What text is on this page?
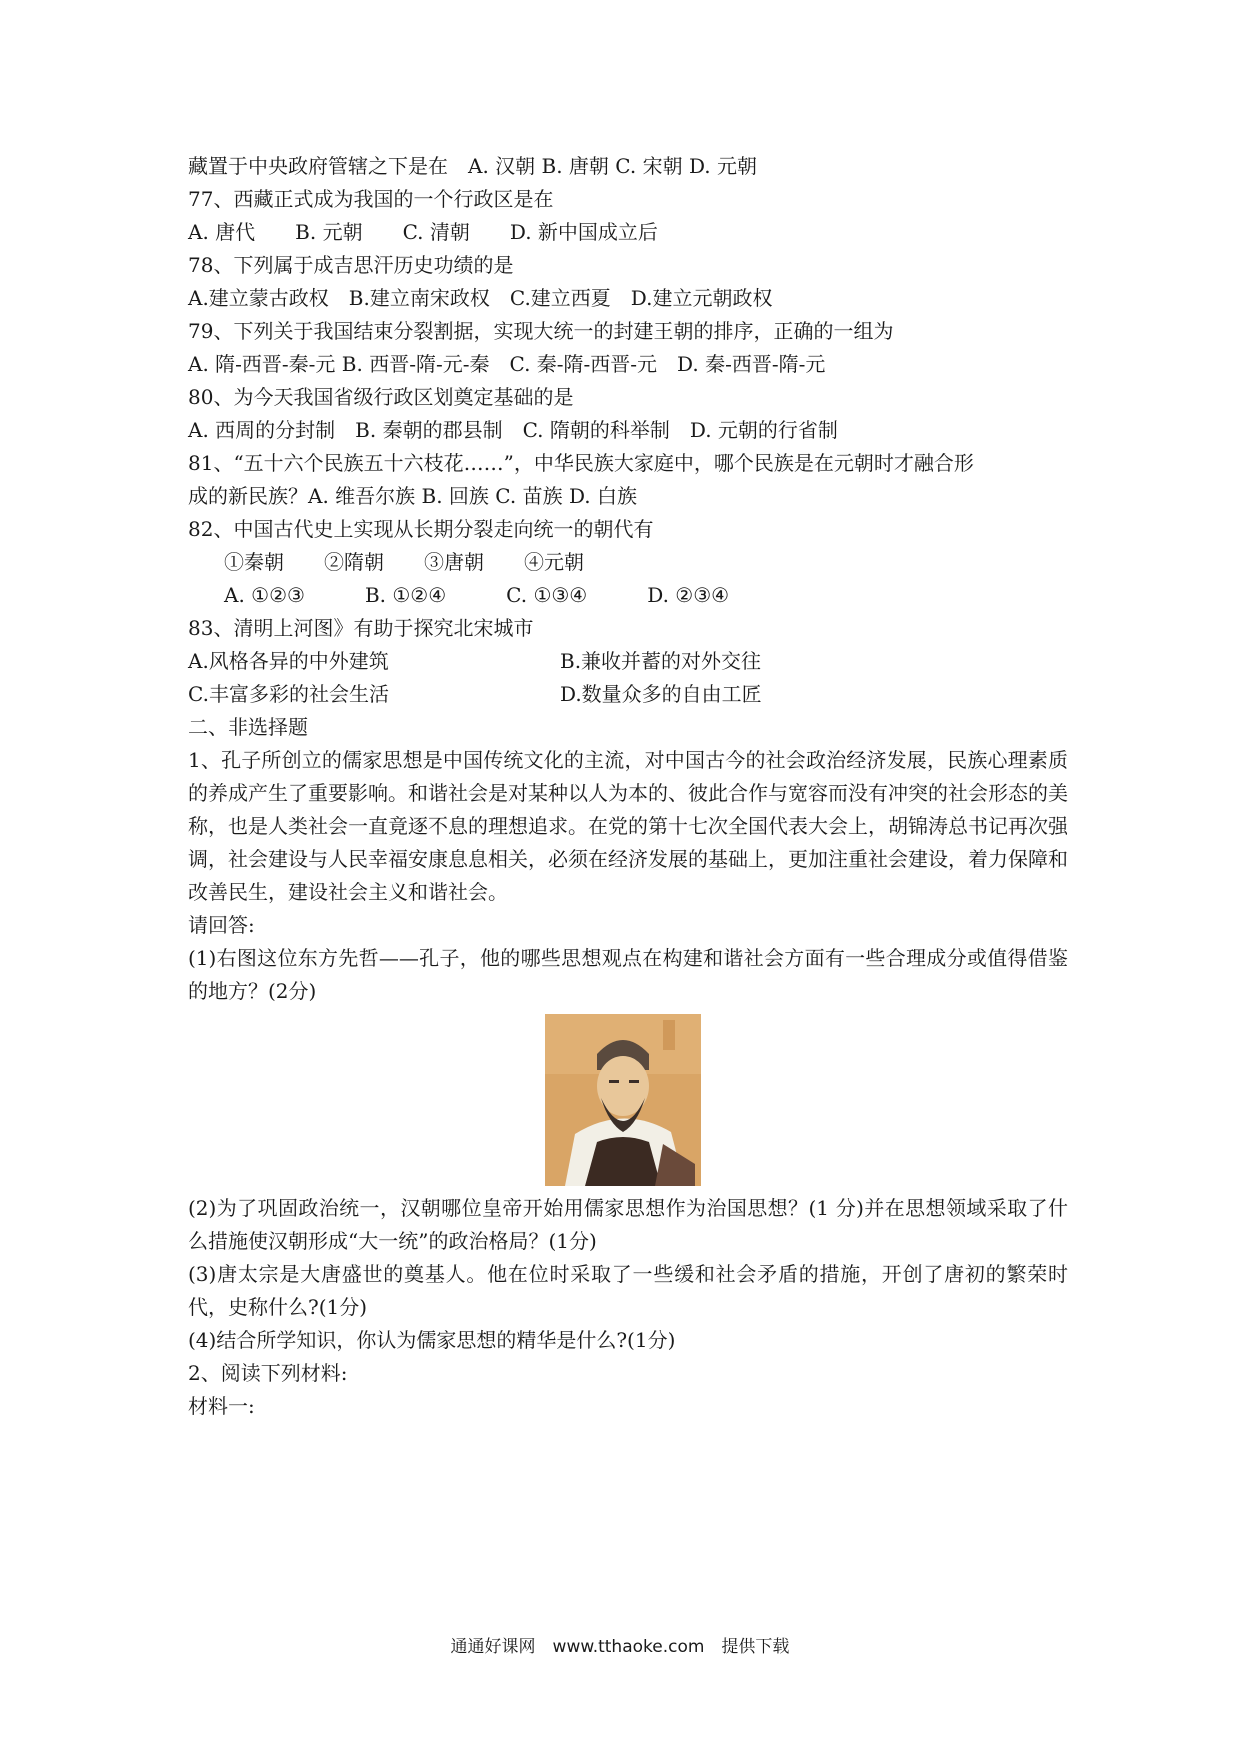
藏置于中央政府管辖之下是在　A. 汉朝 B. 唐朝 C. 宋朝 D. 元朝
77、西藏正式成为我国的一个行政区是在
A. 唐代　　B. 元朝　　C. 清朝　　D. 新中国成立后
78、下列属于成吉思汗历史功绩的是
A.建立蒙古政权　B.建立南宋政权　C.建立西夏　D.建立元朝政权
79、下列关于我国结束分裂割据，实现大统一的封建王朝的排序，正确的一组为
A. 隋-西晋-秦-元 B. 西晋-隋-元-秦　C. 秦-隋-西晋-元　D. 秦-西晋-隋-元
80、为今天我国省级行政区划奠定基础的是
A. 西周的分封制　B. 秦朝的郡县制　C. 隋朝的科举制　D. 元朝的行省制
81、“五十六个民族五十六枝花……”，中华民族大家庭中，哪个民族是在元朝时才融合形
成的新民族？A. 维吾尔族 B. 回族 C. 苗族 D. 白族
82、中国古代史上实现从长期分裂走向统一的朝代有
①秦朝　　②隋朝　　③唐朝　　④元朝
A. ①②③　　　B. ①②④　　　C. ①③④　　　D. ②③④
83、清明上河图》有助于探究北宋城市
A.风格各异的中外建筑	B.兼收并蓄的对外交往
C.丰富多彩的社会生活	D.数量众多的自由工匠
二、非选择题
1、孔子所创立的儒家思想是中国传统文化的主流，对中国古今的社会政治经济发展，民族心理素质的养成产生了重要影响。和谐社会是对某种以人为本的、彼此合作与宽容而没有冲突的社会形态的美称，也是人类社会一直竟逐不息的理想追求。在党的第十七次全国代表大会上，胡锦涛总书记再次强调，社会建设与人民幸福安康息息相关，必须在经济发展的基础上，更加注重社会建设，着力保障和改善民生，建设社会主义和谐社会。
请回答:
(1)右图这位东方先哲——孔子，他的哪些思想观点在构建和谐社会方面有一些合理成分或值得借鉴的地方？(2分)
(2)为了巩固政治统一，汉朝哪位皇帝开始用儒家思想作为治国思想？(1 分)并在思想领域采取了什么措施使汉朝形成“大一统”的政治格局？(1分)
(3)唐太宗是大唐盛世的奠基人。他在位时采取了一些缓和社会矛盾的措施，开创了唐初的繁荣时代，史称什么?(1分)
(4)结合所学知识，你认为儒家思想的精华是什么?(1分)
2、阅读下列材料:
材料一:
通通好课网　www.tthaoke.com　提供下载
